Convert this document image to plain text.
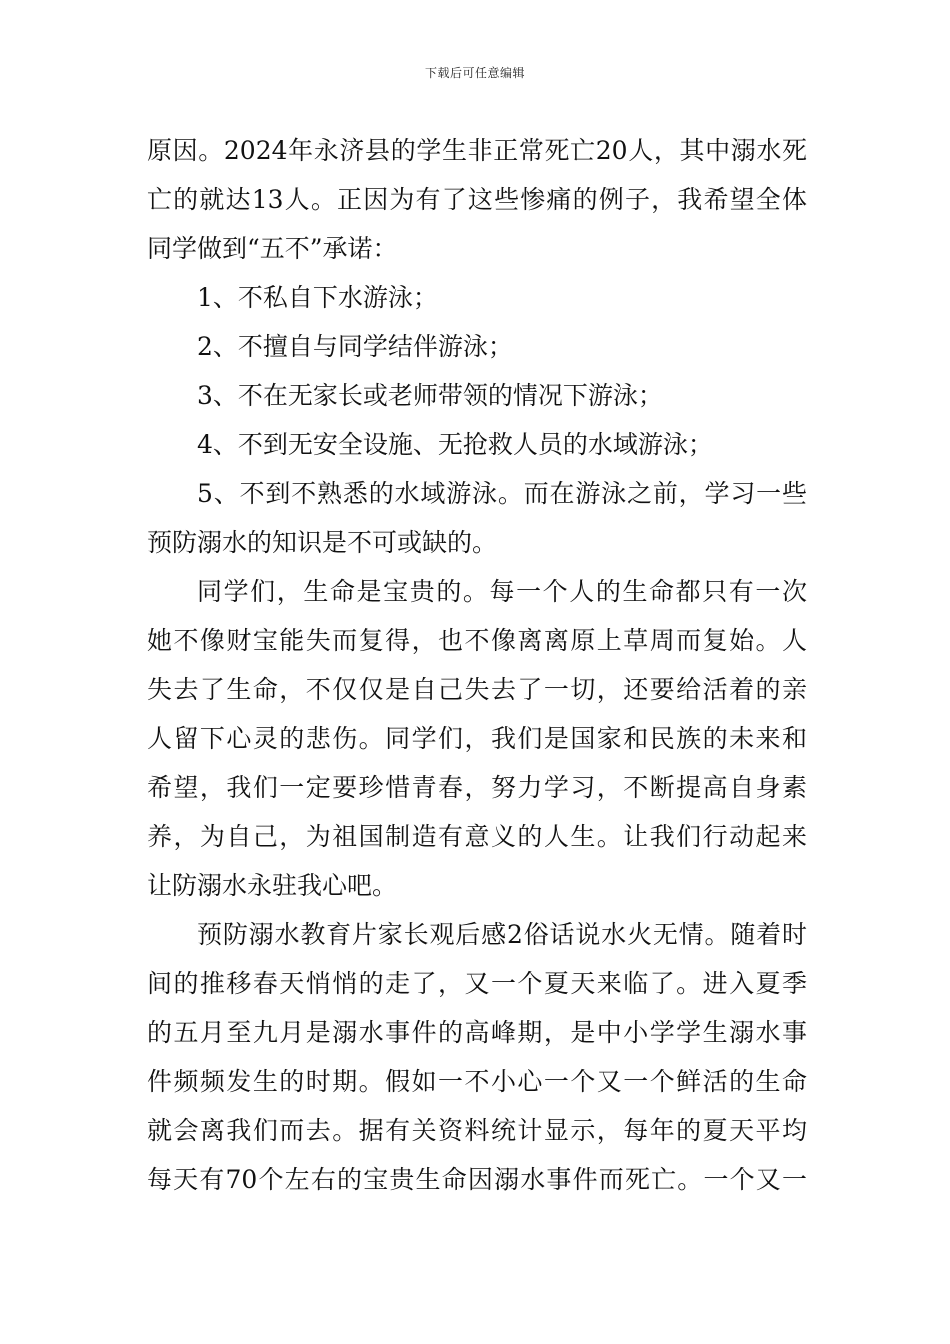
下载后可任意编辑
原因。2024年永济县的学生非正常死亡20人，其中溺水死
亡的就达13人。正因为有了这些惨痛的例子，我希望全体
同学做到“五不”承诺：
1、不私自下水游泳；
2、不擅自与同学结伴游泳；
3、不在无家长或老师带领的情况下游泳；
4、不到无安全设施、无抢救人员的水域游泳；
5、不到不熟悉的水域游泳。而在游泳之前，学习一些
预防溺水的知识是不可或缺的。
同学们，生命是宝贵的。每一个人的生命都只有一次
她不像财宝能失而复得，也不像离离原上草周而复始。人
失去了生命，不仅仅是自己失去了一切，还要给活着的亲
人留下心灵的悲伤。同学们，我们是国家和民族的未来和
希望，我们一定要珍惜青春，努力学习，不断提高自身素
养，为自己，为祖国制造有意义的人生。让我们行动起来
让防溺水永驻我心吧。
预防溺水教育片家长观后感2俗话说水火无情。随着时
间的推移春天悄悄的走了，又一个夏天来临了。进入夏季
的五月至九月是溺水事件的高峰期，是中小学学生溺水事
件频频发生的时期。假如一不小心一个又一个鲜活的生命
就会离我们而去。据有关资料统计显示，每年的夏天平均
每天有70个左右的宝贵生命因溺水事件而死亡。一个又一
